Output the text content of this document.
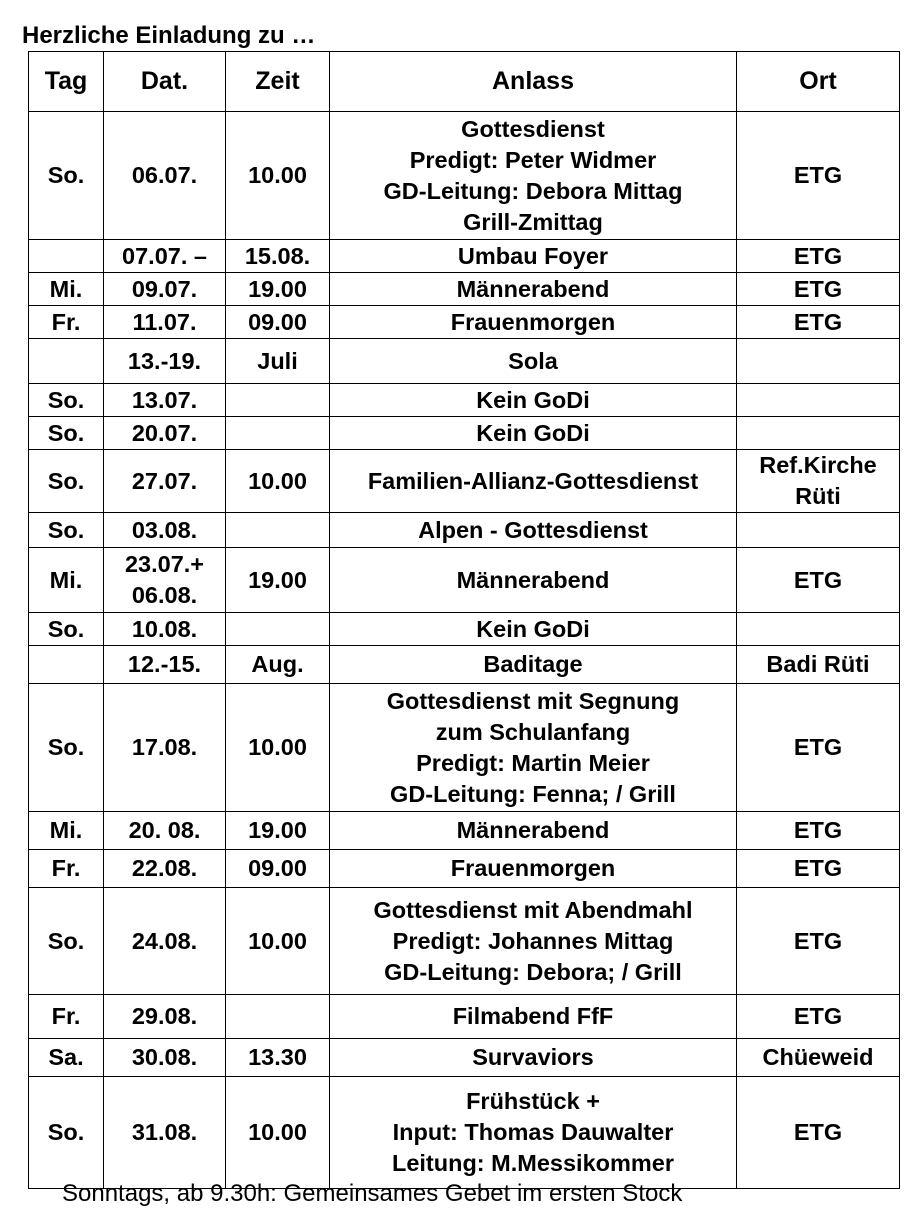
Herzliche Einladung zu …
Tag	Dat.	Zeit	Anlass	Ort
So.	06.07.	10.00	Gottesdienst
Predigt: Peter Widmer
GD-Leitung: Debora Mittag
Grill-Zmittag	ETG
	07.07. –	15.08.	Umbau Foyer	ETG
Mi.	09.07.	19.00	Männerabend	ETG
Fr.	11.07.	09.00	Frauenmorgen	ETG
	13.-19.	Juli	Sola	

So.	13.07.		Kein GoDi	

So.	20.07.		Kein GoDi	

So.	27.07.	10.00	Familien-Allianz-Gottesdienst	Ref.Kirche Rüti
So.	03.08.		Alpen - Gottesdienst	

Mi.	23.07.+ 06.08.	19.00	Männerabend	ETG
So.	10.08.		Kein GoDi	

	12.-15.	Aug.	Baditage	Badi Rüti
So.	17.08.	10.00	Gottesdienst mit Segnung
zum Schulanfang
Predigt: Martin Meier
GD-Leitung: Fenna; / Grill	ETG
Mi.	20. 08.	19.00	Männerabend	ETG
Fr.	22.08.	09.00	Frauenmorgen	ETG
So.	24.08.	10.00	Gottesdienst mit Abendmahl
Predigt: Johannes Mittag
GD-Leitung: Debora; / Grill	ETG
Fr.	29.08.		Filmabend FfF	ETG
Sa.	30.08.	13.30	Survaviors	Chüeweid
So.	31.08.	10.00	Frühstück +
Input: Thomas Dauwalter
Leitung: M.Messikommer	ETG
Sonntags, ab 9.30h: Gemeinsames Gebet im ersten Stock
